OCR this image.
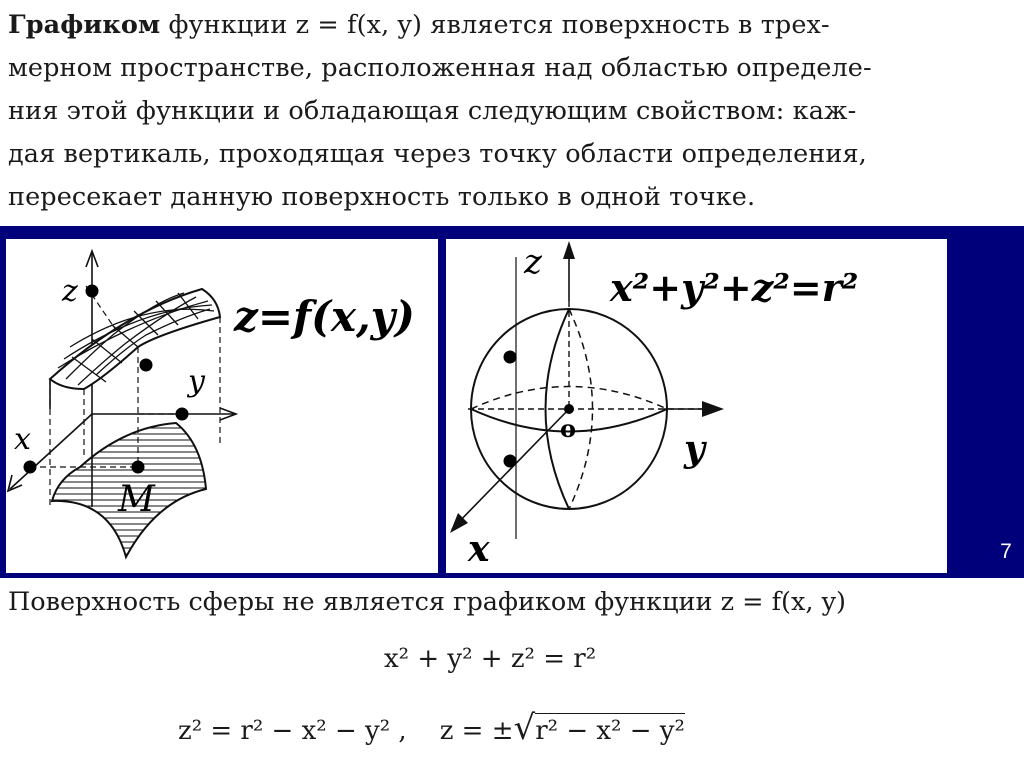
Графиком функции z = f(x, y) является поверхность в трех-
мерном пространстве, расположенная над областью определе-
ния этой функции и обладающая следующим свойством: каж-
дая вертикаль, проходящая через точку области определения,
пересекает данную поверхность только в одной точке.
z
y
x
M
z=f(x,y)
z
y
x
o
x²+y²+z²=r²
7
Поверхность сферы не является графиком функции z = f(x, y)
x² + y² + z² = r²
z² = r² − x² − y² , z = ±√r² − x² − y²
